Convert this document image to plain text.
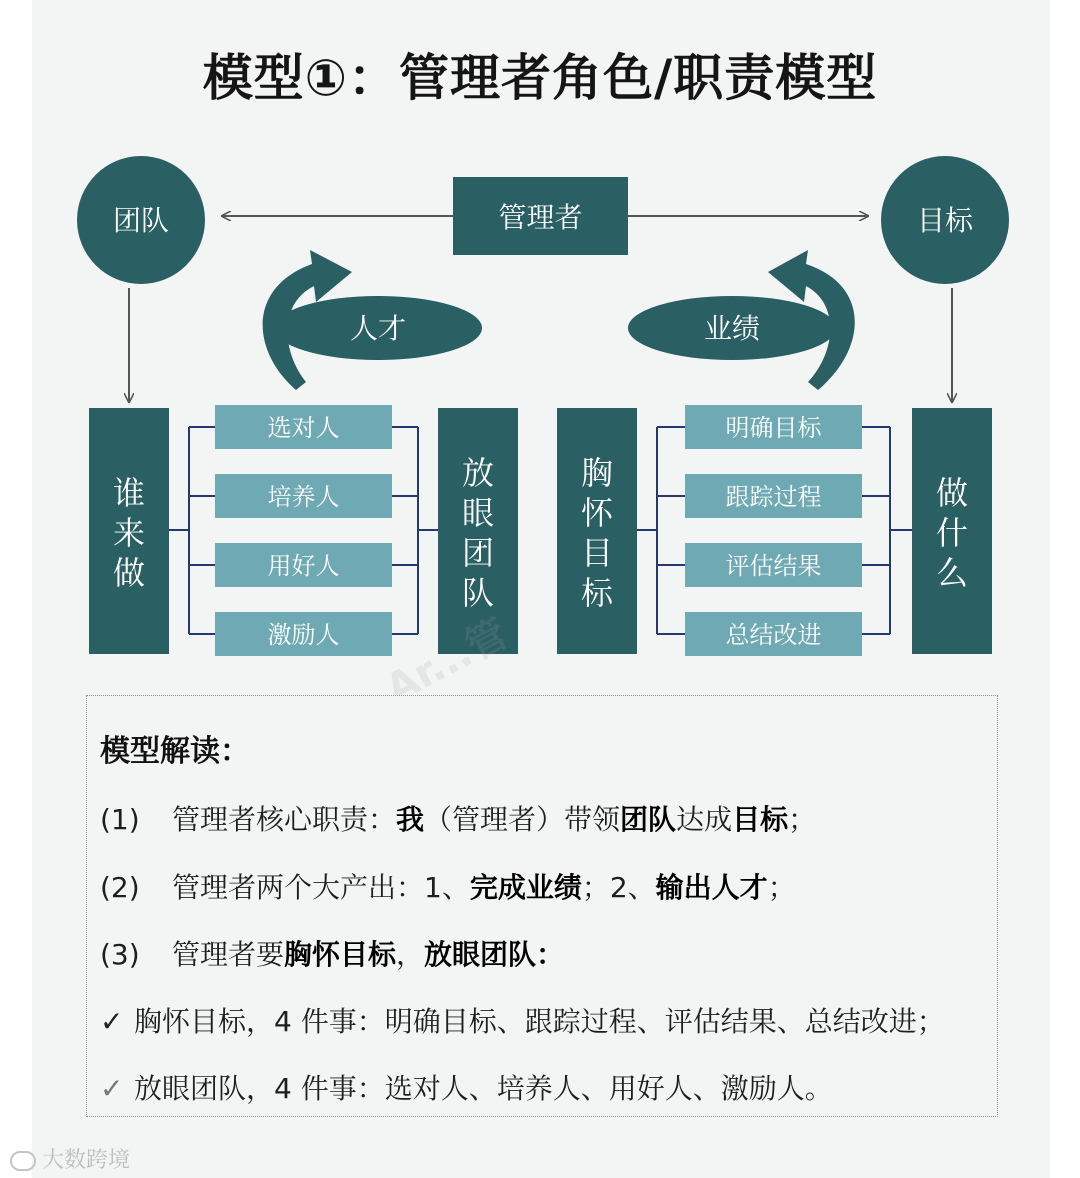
模型①：管理者角色/职责模型
管理者
团队	目标
人才	业绩
谁
来
做
放
眼
团
队
胸
怀
目
标
做
什
么
选对人
培养人
用好人
激励人
明确目标
跟踪过程
评估结果
总结改进
模型解读：
(1) 管理者核心职责：我（管理者）带领团队达成目标；
(2) 管理者两个大产出：1、完成业绩；2、输出人才；
(3) 管理者要胸怀目标，放眼团队：
✓ 胸怀目标，4 件事：明确目标、跟踪过程、评估结果、总结改进；
✓ 放眼团队，4 件事：选对人、培养人、用好人、激励人。
大数跨境
